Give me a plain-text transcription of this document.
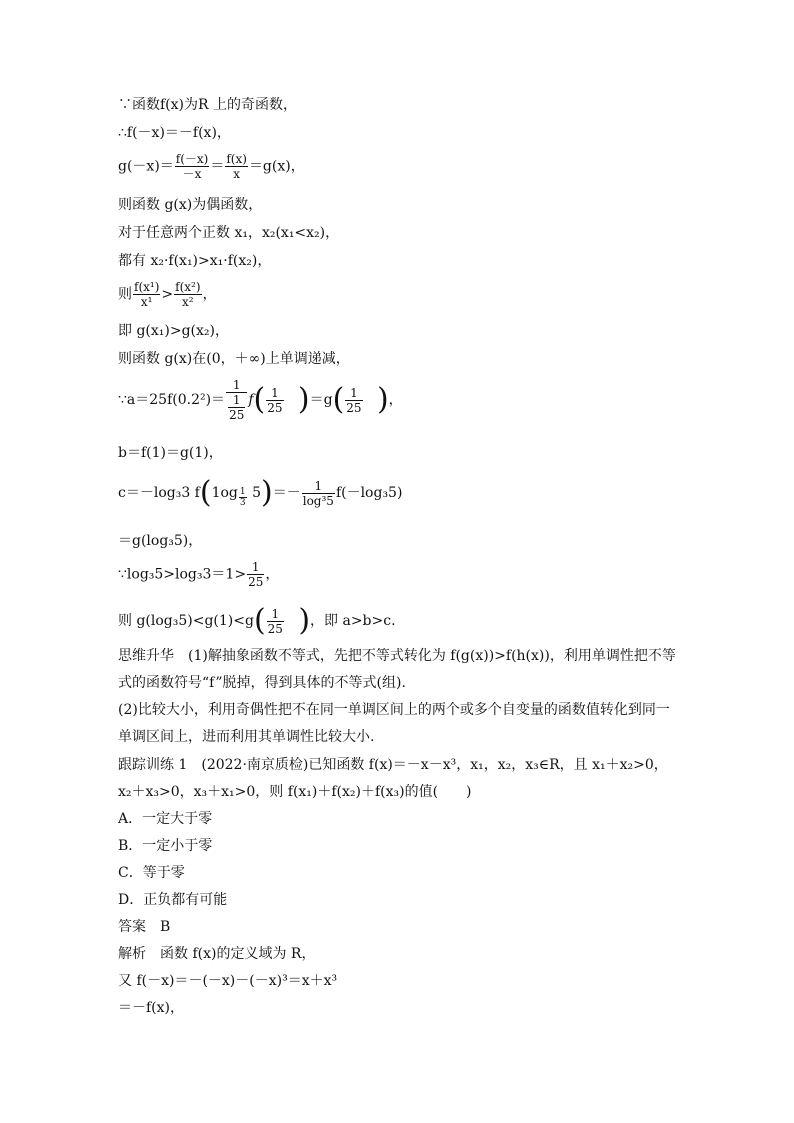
∵函数f(x)为R 上的奇函数，
∴f(－x)＝－f(x)，
$g(-x)= \frac{f(-x)}{-x} = \frac{f(x)}{x} =g(x)$，
则函数 g(x)为偶函数，
对于任意两个正数 x₁，x₂(x₁<x₂)，
都有 x₂·f(x₁)>x₁·f(x₂)，
则 $\frac{\text{f(x¹)}}{\text{x¹}} > \frac{\text{f(x²)}}{\text{x²}}$ ，
即 g(x₁)>g(x₂)，
则函数 g(x)在(0，＋∞)上单调递减，
∵a＝25f(0.2²)＝ $\frac{1}{\frac{1}{25}} f( \frac{1}{25} )=g( \frac{1}{25}$ )，
b＝f(1)＝g(1)，
c＝－log₃3 $f(1og \frac{1}{3} 5)=- \frac{1}{\text{log³5}} f(-\log_35)$
＝g(log₃5)，
∵log₃5>log₃3＝1> $\frac{1}{25}$ ，
则 $g(\log_35)<g(1)<g( \frac{1}{25}$ )，即 a>b>c.
思维升华　(1)解抽象函数不等式，先把不等式转化为 f(g(x))>f(h(x))，利用单调性把不等式的函数符号“f”脱掉，得到具体的不等式(组).
(2)比较大小，利用奇偶性把不在同一单调区间上的两个或多个自变量的函数值转化到同一单调区间上，进而利用其单调性比较大小.
跟踪训练 1　(2022·南京质检)已知函数 f(x)＝－x－x³，x₁，x₂，x₃∈R，且 x₁＋x₂>0，x₂＋x₃>0，x₃＋x₁>0，则 f(x₁)＋f(x₂)＋f(x₃)的值(　　)
A．一定大于零
B．一定小于零
C．等于零
D．正负都有可能
答案　B
解析　函数 f(x)的定义域为 R，
又 f(－x)＝－(－x)－(－x)³＝x＋x³
＝－f(x)，
